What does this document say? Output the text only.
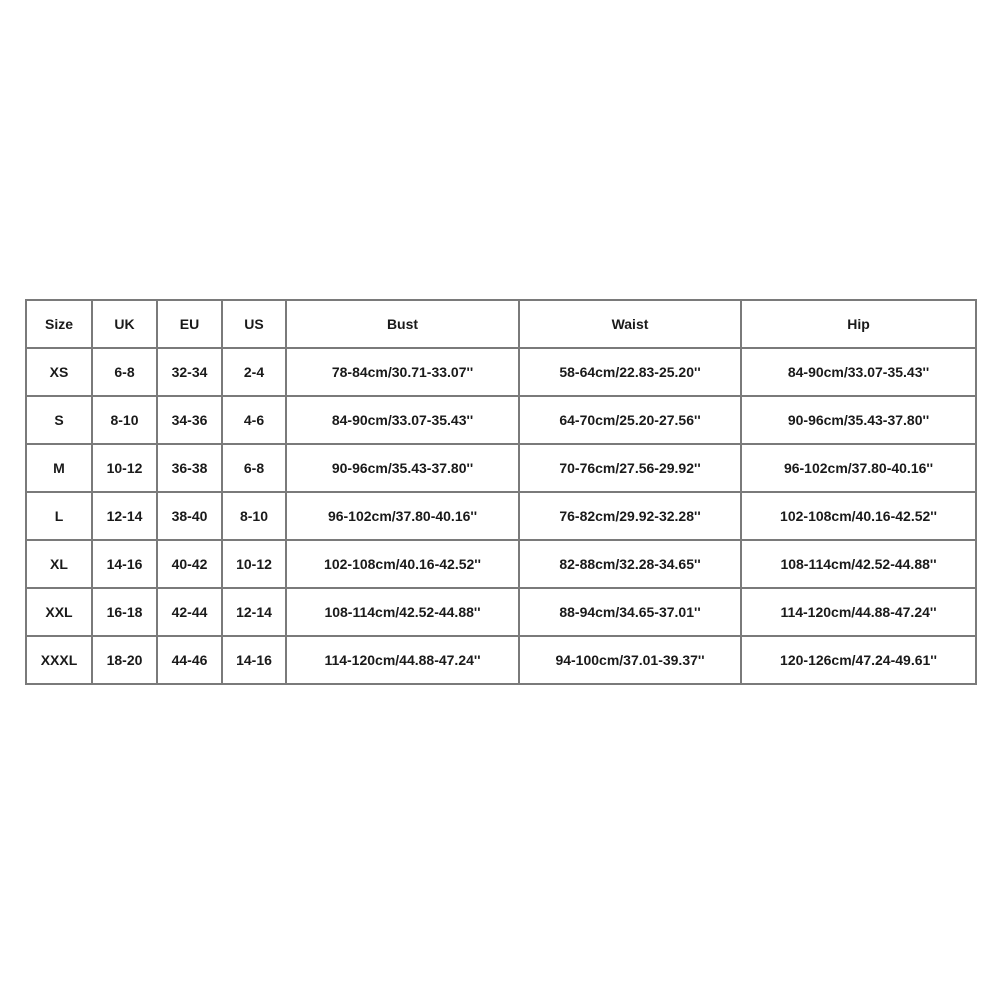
Size	UK	EU	US	Bust	Waist	Hip
XS	6-8	32-34	2-4	78-84cm/30.71-33.07''	58-64cm/22.83-25.20''	84-90cm/33.07-35.43''
S	8-10	34-36	4-6	84-90cm/33.07-35.43''	64-70cm/25.20-27.56''	90-96cm/35.43-37.80''
M	10-12	36-38	6-8	90-96cm/35.43-37.80''	70-76cm/27.56-29.92''	96-102cm/37.80-40.16''
L	12-14	38-40	8-10	96-102cm/37.80-40.16''	76-82cm/29.92-32.28''	102-108cm/40.16-42.52''
XL	14-16	40-42	10-12	102-108cm/40.16-42.52''	82-88cm/32.28-34.65''	108-114cm/42.52-44.88''
XXL	16-18	42-44	12-14	108-114cm/42.52-44.88''	88-94cm/34.65-37.01''	114-120cm/44.88-47.24''
XXXL	18-20	44-46	14-16	114-120cm/44.88-47.24''	94-100cm/37.01-39.37''	120-126cm/47.24-49.61''
